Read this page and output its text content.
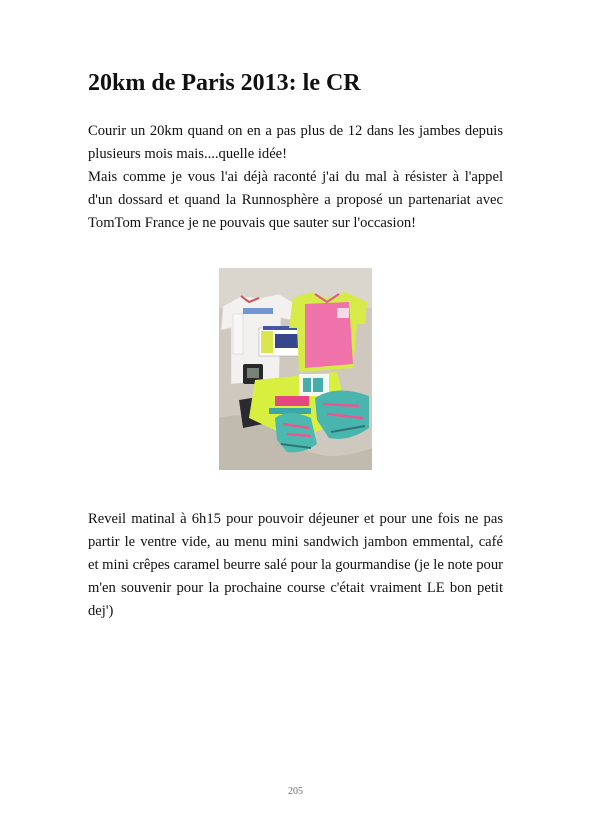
20km de Paris 2013: le CR

Courir un 20km quand on en a pas plus de 12 dans les jambes depuis plusieurs mois mais....quelle idée!

Mais comme je vous l'ai déjà raconté j'ai du mal à résister à l'appel d'un dossard et quand la Runnosphère a proposé un partenariat avec TomTom France je ne pouvais que sauter sur l'occasion!

Reveil matinal à 6h15 pour pouvoir déjeuner et pour une fois ne pas partir le ventre vide, au menu mini sandwich jambon emmental, café et mini crêpes caramel beurre salé pour la gourmandise (je le note pour m'en souvenir pour la prochaine course c'était vraiment LE bon petit dej')

205
